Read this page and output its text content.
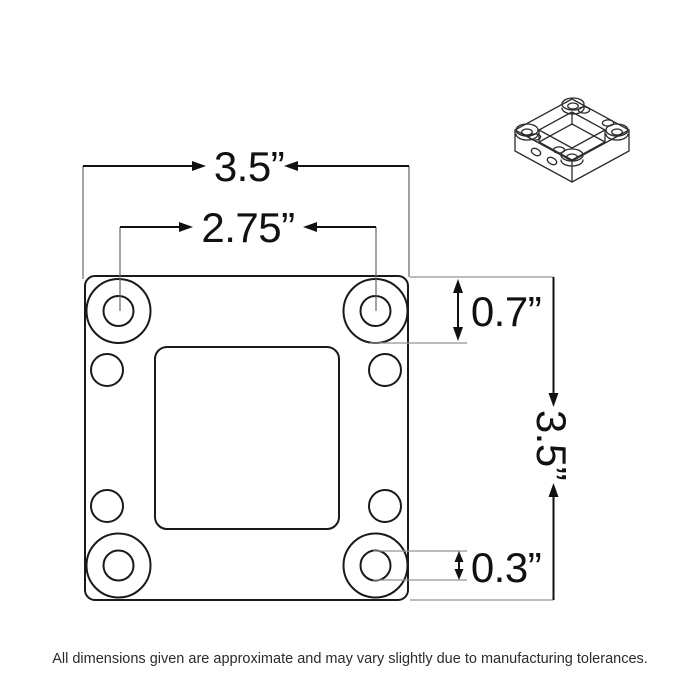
3.5”
2.75”
0.7”
3.5”
0.3”
All dimensions given are approximate and may vary slightly due to manufacturing tolerances.
